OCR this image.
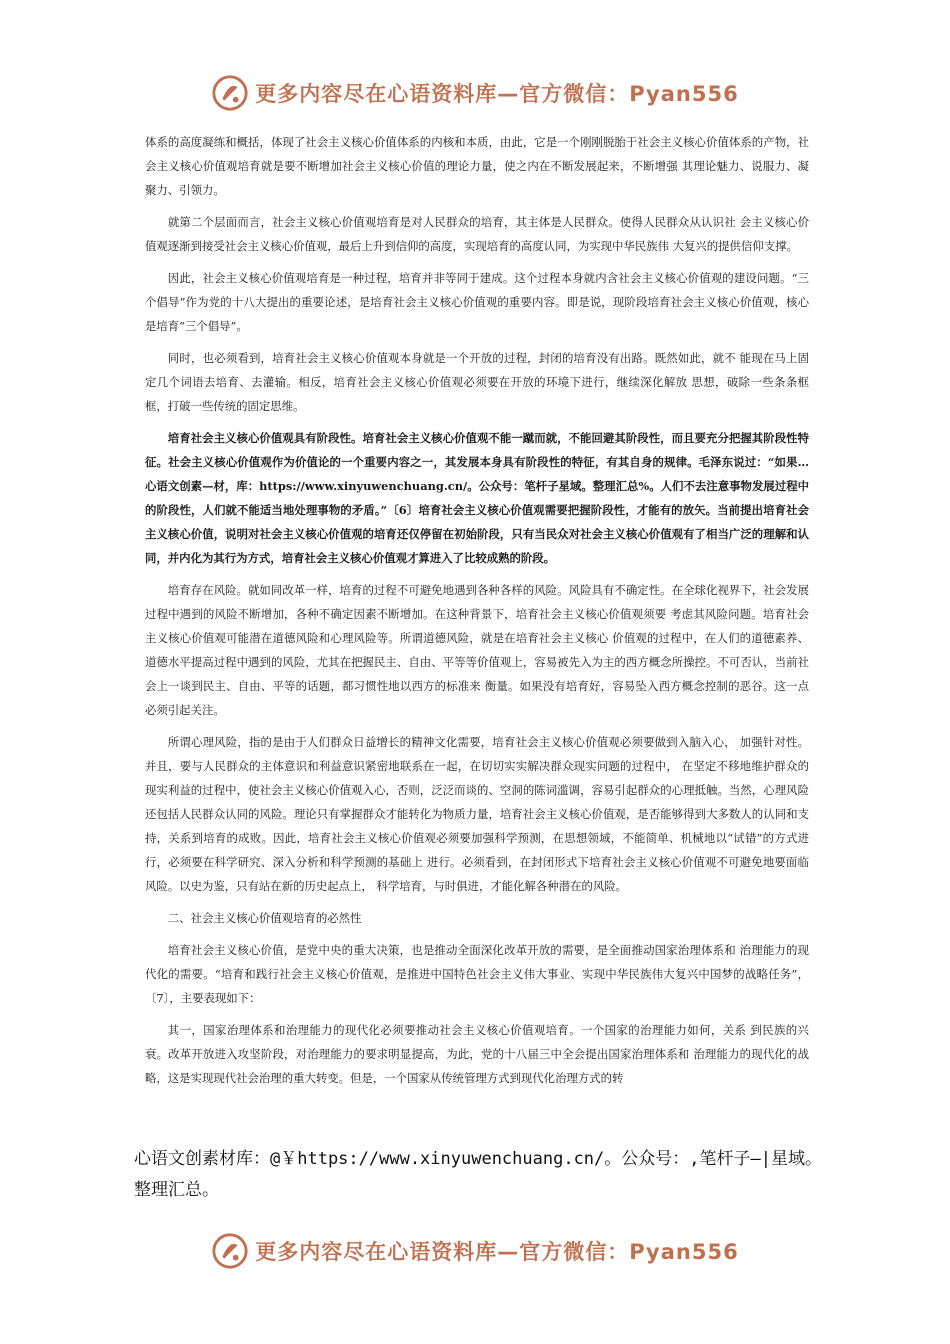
更多内容尽在心语资料库—官方微信：Pyan556

体系的高度凝练和概括，体现了社会主义核心价值体系的内核和本质，由此，它是一个刚刚脱胎于社会主义核心价值体系的产物，社会主义核心价值观培育就是要不断增加社会主义核心价值的理论力量，使之内在不断发展起来，不断增强 其理论魅力、说服力、凝聚力、引领力。

就第二个层面而言，社会主义核心价值观培育是对人民群众的培育，其主体是人民群众。使得人民群众从认识社 会主义核心价值观逐渐到接受社会主义核心价值观，最后上升到信仰的高度，实现培育的高度认同，为实现中华民族伟 大复兴的提供信仰支撑。

因此，社会主义核心价值观培育是一种过程，培育并非等同于建成。这个过程本身就内含社会主义核心价值观的建设问题。“三个倡导”作为党的十八大提出的重要论述，是培育社会主义核心价值观的重要内容。即是说，现阶段培育社会主义核心价值观，核心是培育“三个倡导”。

同时，也必须看到，培育社会主义核心价值观本身就是一个开放的过程，封闭的培育没有出路。既然如此，就不 能现在马上固定几个词语去培育、去灌输。相反，培育社会主义核心价值观必须要在开放的环境下进行，继续深化解放 思想，破除一些条条框框，打破一些传统的固定思维。

培育社会主义核心价值观具有阶段性。培育社会主义核心价值观不能一蹴而就，不能回避其阶段性，而且要充分把握其阶段性特征。社会主义核心价值观作为价值论的一个重要内容之一，其发展本身具有阶段性的特征，有其自身的规律。毛泽东说过：“如果…心语文创素—材，库：https://www.xinyuwenchuang.cn/。公众号：笔杆子星域。整理汇总%。人们不去注意事物发展过程中的阶段性，人们就不能适当地处理事物的矛盾。”〔6〕培育社会主义核心价值观需要把握阶段性，才能有的放矢。当前提出培育社会主义核心价值，说明对社会主义核心价值观的培育还仅停留在初始阶段，只有当民众对社会主义核心价值观有了相当广泛的理解和认同，并内化为其行为方式，培育社会主义核心价值观才算进入了比较成熟的阶段。

培育存在风险。就如同改革一样，培育的过程不可避免地遇到各种各样的风险。风险具有不确定性。在全球化视界下，社会发展过程中遇到的风险不断增加，各种不确定因素不断增加。在这种背景下，培育社会主义核心价值观须要 考虑其风险问题。培育社会主义核心价值观可能潜在道德风险和心理风险等。所谓道德风险，就是在培育社会主义核心 价值观的过程中，在人们的道德素养、道德水平提高过程中遇到的风险，尤其在把握民主、自由、平等等价值观上，容易被先入为主的西方概念所操控。不可否认，当前社会上一谈到民主、自由、平等的话题，都习惯性地以西方的标准来 衡量。如果没有培育好，容易坠入西方概念控制的恶谷。这一点必须引起关注。

所谓心理风险，指的是由于人们群众日益增长的精神文化需要，培育社会主义核心价值观必须要做到入脑入心， 加强针对性。并且，要与人民群众的主体意识和利益意识紧密地联系在一起，在切切实实解决群众现实问题的过程中， 在坚定不移地维护群众的现实利益的过程中，使社会主义核心价值观入心，否则，泛泛而谈的、空洞的陈词滥调，容易引起群众的心理抵触。当然，心理风险还包括人民群众认同的风险。理论只有掌握群众才能转化为物质力量，培育社会主义核心价值观，是否能够得到大多数人的认同和支持，关系到培育的成败。因此，培育社会主义核心价值观必须要加强科学预测，在思想领域，不能简单、机械地以“试错”的方式进行，必须要在科学研究、深入分析和科学预测的基础上 进行。必须看到，在封闭形式下培育社会主义核心价值观不可避免地要面临风险。以史为鉴，只有站在新的历史起点上， 科学培育，与时俱进，才能化解各种潜在的风险。

二、社会主义核心价值观培育的必然性

培育社会主义核心价值，是党中央的重大决策，也是推动全面深化改革开放的需要，是全面推动国家治理体系和 治理能力的现代化的需要。“培育和践行社会主义核心价值观，是推进中国特色社会主义伟大事业、实现中华民族伟大复兴中国梦的战略任务”，〔7〕，主要表现如下：

其一，国家治理体系和治理能力的现代化必须要推动社会主义核心价值观培育。一个国家的治理能力如何，关系 到民族的兴衰。改革开放进入攻坚阶段，对治理能力的要求明显提高，为此，党的十八届三中全会提出国家治理体系和 治理能力的现代化的战略，这是实现现代社会治理的重大转变。但是，一个国家从传统管理方式到现代化治理方式的转

心语文创素材库：@￥https://www.xinyuwenchuang.cn/。公众号：,笔杆子—|星域。整理汇总。
更多内容尽在心语资料库—官方微信：Pyan556
